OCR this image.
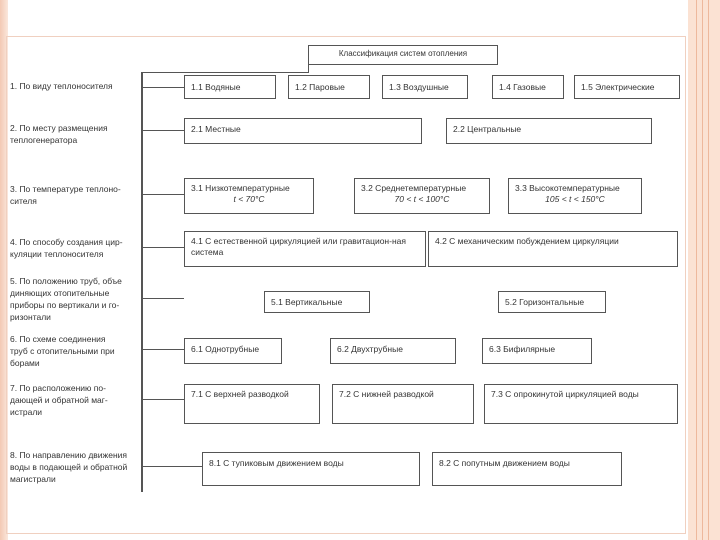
Классификация систем отопления
1. По виду теплоносителя
2. По месту размещения теплогенератора
3. По температуре теплоно-сителя
4. По способу создания цир-куляции теплоносителя
5. По положению труб, объе диняющих отопительные приборы по вертикали и го-ризонтали
6. По схеме соединения труб с отопительными при борами
7. По расположению по-дающей и обратной маг-истрали
8. По направлению движения воды в подающей и обратной магистрали
1.1 Водяные	1.2 Паровые	1.3 Воздушные	1.4 Газовые	1.5 Электрические
2.1 Местные	2.2 Центральные
3.1 Низкотемпературные
t < 70°C
3.2 Среднетемпературные
70 < t < 100°C
3.3 Высокотемпературные
105 < t < 150°C
4.1 С естественной циркуляцией или гравитацион-ная система
4.2 С механическим побуждением циркуляции
5.1 Вертикальные	5.2 Горизонтальные
6.1 Однотрубные	6.2 Двухтрубные	6.3 Бифилярные
7.1 С верхней разводкой	7.2 С нижней разводкой	7.3 С опрокинутой циркуляцией воды
8.1 С тупиковым движением воды	8.2 С попутным движением воды
